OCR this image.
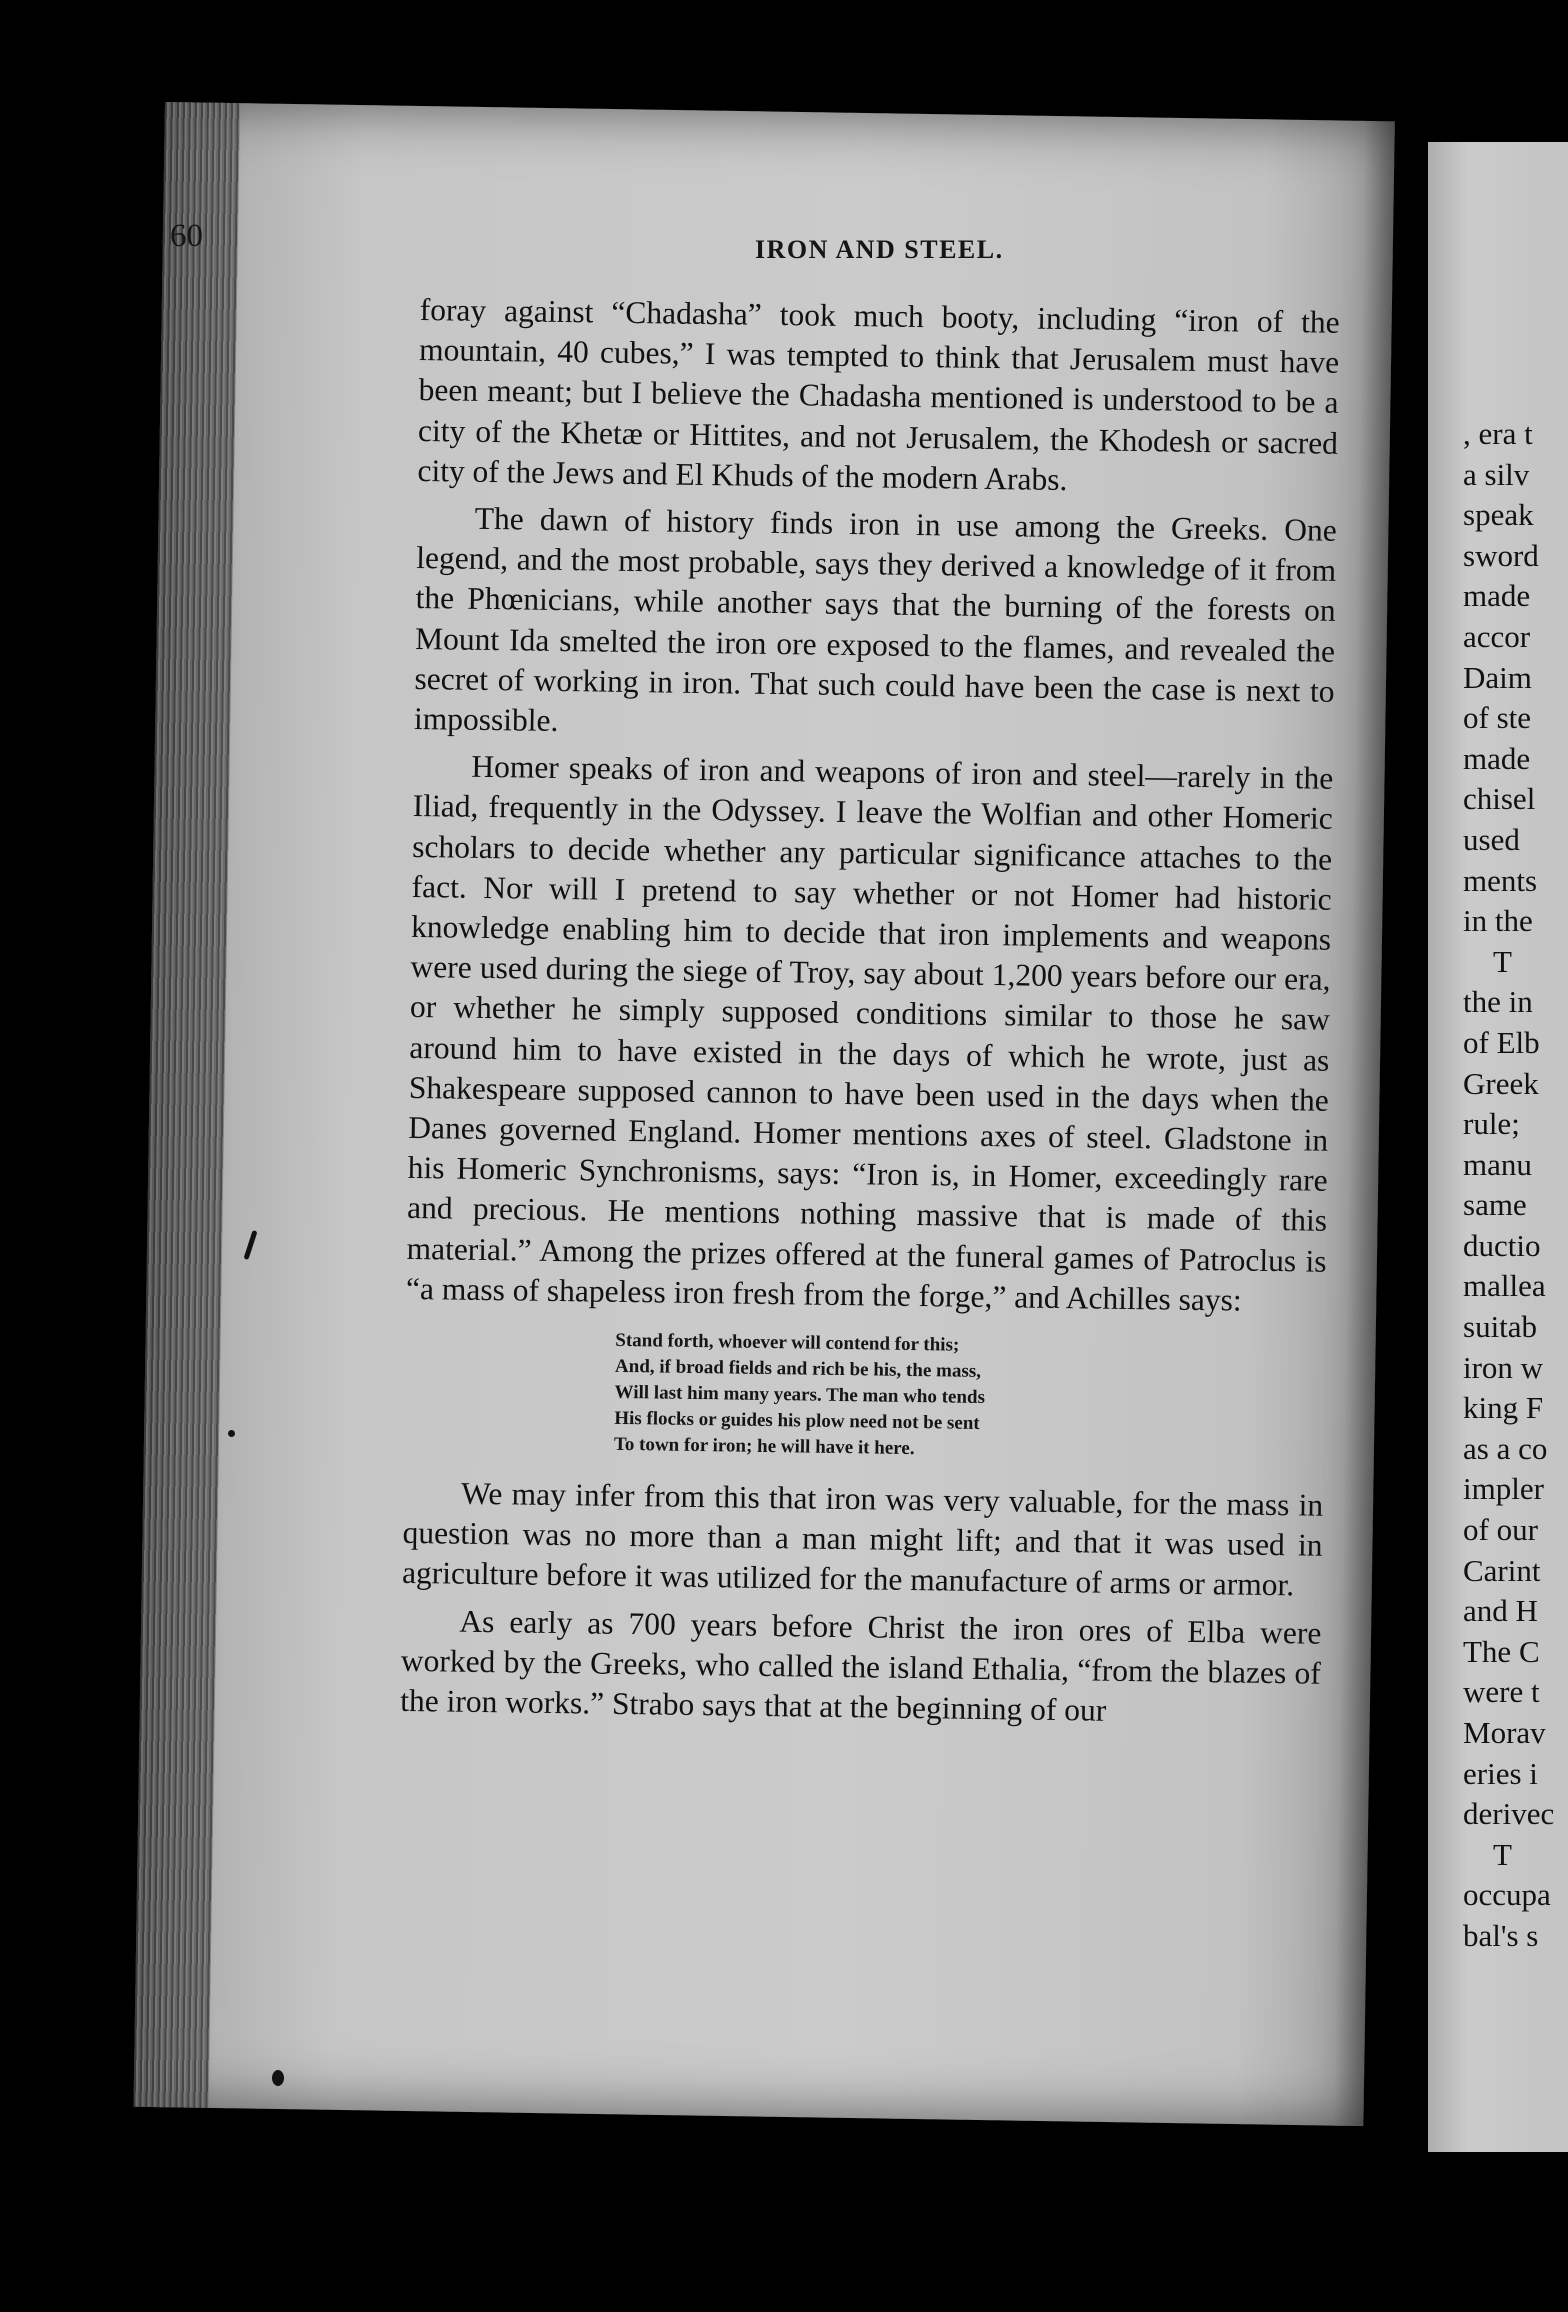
60	IRON AND STEEL.

foray against “Chadasha” took much booty, including “iron of the mountain, 40 cubes,” I was tempted to think that Jerusalem must have been meant; but I believe the Chadasha mentioned is understood to be a city of the Khetæ or Hittites, and not Jerusalem, the Khodesh or sacred city of the Jews and El Khuds of the modern Arabs.

The dawn of history finds iron in use among the Greeks. One legend, and the most probable, says they derived a knowledge of it from the Phœnicians, while another says that the burning of the forests on Mount Ida smelted the iron ore exposed to the flames, and revealed the secret of working in iron. That such could have been the case is next to impossible.

Homer speaks of iron and weapons of iron and steel—rarely in the Iliad, frequently in the Odyssey. I leave the Wolfian and other Homeric scholars to decide whether any particular significance attaches to the fact. Nor will I pretend to say whether or not Homer had historic knowledge enabling him to decide that iron implements and weapons were used during the siege of Troy, say about 1,200 years before our era, or whether he simply supposed conditions similar to those he saw around him to have existed in the days of which he wrote, just as Shakespeare supposed cannon to have been used in the days when the Danes governed England. Homer mentions axes of steel. Gladstone in his Homeric Synchronisms, says: “Iron is, in Homer, exceedingly rare and precious. He mentions nothing massive that is made of this material.” Among the prizes offered at the funeral games of Patroclus is “a mass of shapeless iron fresh from the forge,” and Achilles says:

Stand forth, whoever will contend for this;
And, if broad fields and rich be his, the mass,
Will last him many years. The man who tends
His flocks or guides his plow need not be sent
To town for iron; he will have it here.

We may infer from this that iron was very valuable, for the mass in question was no more than a man might lift; and that it was used in agriculture before it was utilized for the manufacture of arms or armor.

As early as 700 years before Christ the iron ores of Elba were worked by the Greeks, who called the island Ethalia, “from the blazes of the iron works.” Strabo says that at the beginning of our

, era t
a silv
speak
sword
made
accor
Daim
of ste
made
chisel
used
ments
in the
T
the in
of Elb
Greek
rule;
manu
same
ductio
mallea
suitab
iron w
king F
as a co
impler
of our
Carint
and H
The C
were t
Morav
eries i
derivec
T
occupa
bal's s
